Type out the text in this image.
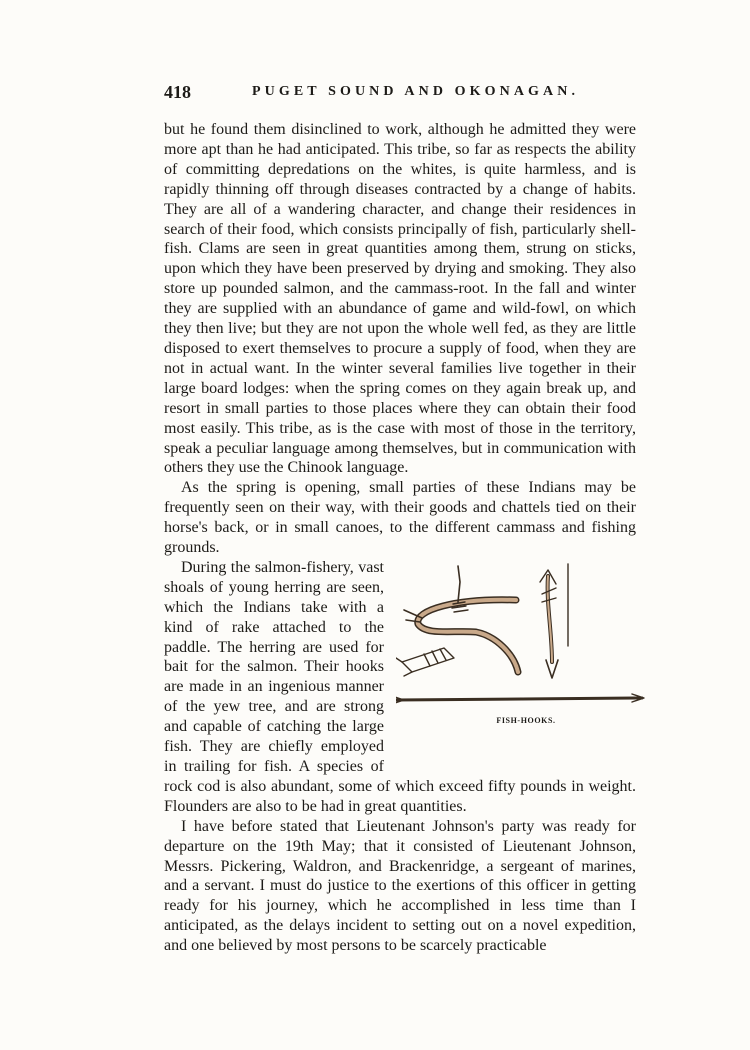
418	PUGET SOUND AND OKONAGAN.

but he found them disinclined to work, although he admitted they were more apt than he had anticipated. This tribe, so far as respects the ability of committing depredations on the whites, is quite harmless, and is rapidly thinning off through diseases contracted by a change of habits. They are all of a wandering character, and change their residences in search of their food, which consists principally of fish, particularly shell-fish. Clams are seen in great quantities among them, strung on sticks, upon which they have been preserved by drying and smoking. They also store up pounded salmon, and the cammass-root. In the fall and winter they are supplied with an abundance of game and wild-fowl, on which they then live; but they are not upon the whole well fed, as they are little disposed to exert themselves to procure a supply of food, when they are not in actual want. In the winter several families live together in their large board lodges: when the spring comes on they again break up, and resort in small parties to those places where they can obtain their food most easily. This tribe, as is the case with most of those in the territory, speak a peculiar language among themselves, but in communication with others they use the Chinook language.

As the spring is opening, small parties of these Indians may be frequently seen on their way, with their goods and chattels tied on their horse's back, or in small canoes, to the different cammass and fishing grounds.

FISH-HOOKS.
During the salmon-fishery, vast shoals of young herring are seen, which the Indians take with a kind of rake attached to the paddle. The herring are used for bait for the salmon. Their hooks are made in an ingenious manner of the yew tree, and are strong and capable of catching the large fish. They are chiefly employed in trailing for fish. A species of rock cod is also abundant, some of which exceed fifty pounds in weight. Flounders are also to be had in great quantities.

I have before stated that Lieutenant Johnson's party was ready for departure on the 19th May; that it consisted of Lieutenant Johnson, Messrs. Pickering, Waldron, and Brackenridge, a sergeant of marines, and a servant. I must do justice to the exertions of this officer in getting ready for his journey, which he accomplished in less time than I anticipated, as the delays incident to setting out on a novel expedition, and one believed by most persons to be scarcely practicable
